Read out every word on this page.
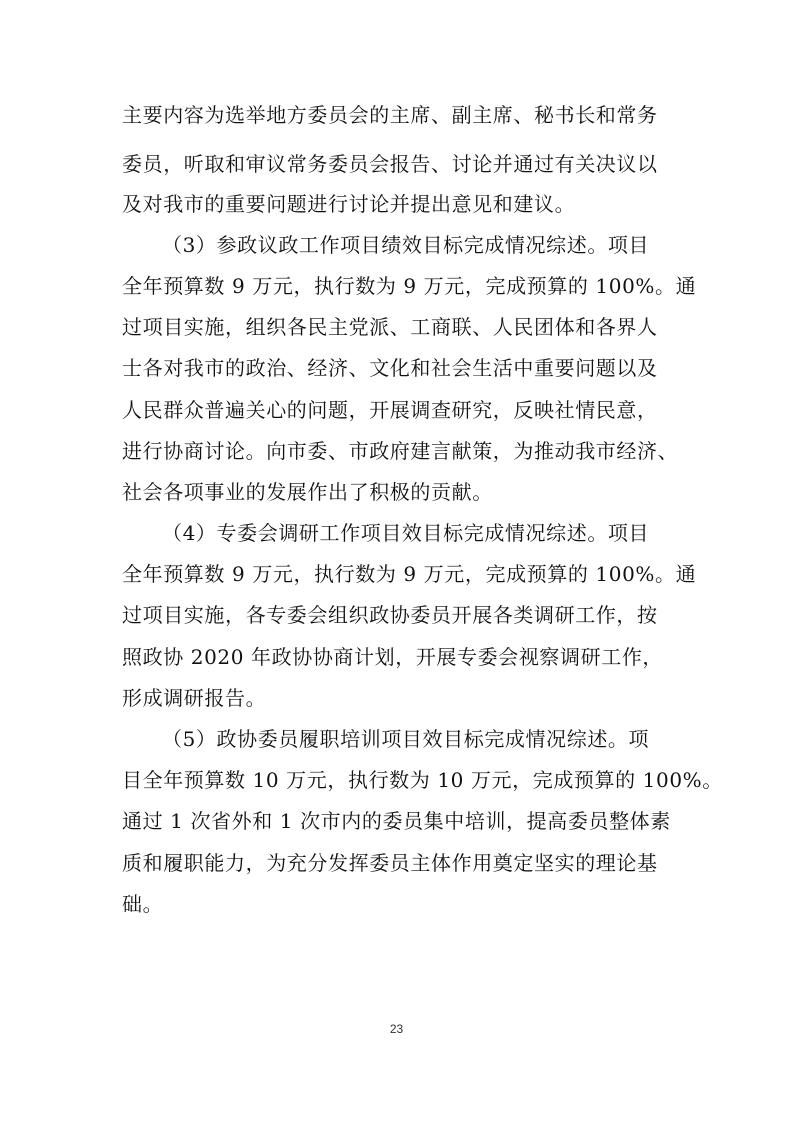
主要内容为选举地方委员会的主席、副主席、秘书长和常务
委员，听取和审议常务委员会报告、讨论并通过有关决议以
及对我市的重要问题进行讨论并提出意见和建议。
（3）参政议政工作项目绩效目标完成情况综述。项目
全年预算数 9 万元，执行数为 9 万元，完成预算的 100%。通
过项目实施，组织各民主党派、工商联、人民团体和各界人
士各对我市的政治、经济、文化和社会生活中重要问题以及
人民群众普遍关心的问题，开展调查研究，反映社情民意，
进行协商讨论。向市委、市政府建言献策，为推动我市经济、
社会各项事业的发展作出了积极的贡献。
（4）专委会调研工作项目效目标完成情况综述。项目
全年预算数 9 万元，执行数为 9 万元，完成预算的 100%。通
过项目实施，各专委会组织政协委员开展各类调研工作，按
照政协 2020 年政协协商计划，开展专委会视察调研工作，
形成调研报告。
（5）政协委员履职培训项目效目标完成情况综述。项
目全年预算数 10 万元，执行数为 10 万元，完成预算的 100%。
通过 1 次省外和 1 次市内的委员集中培训，提高委员整体素
质和履职能力，为充分发挥委员主体作用奠定坚实的理论基
础。
23
